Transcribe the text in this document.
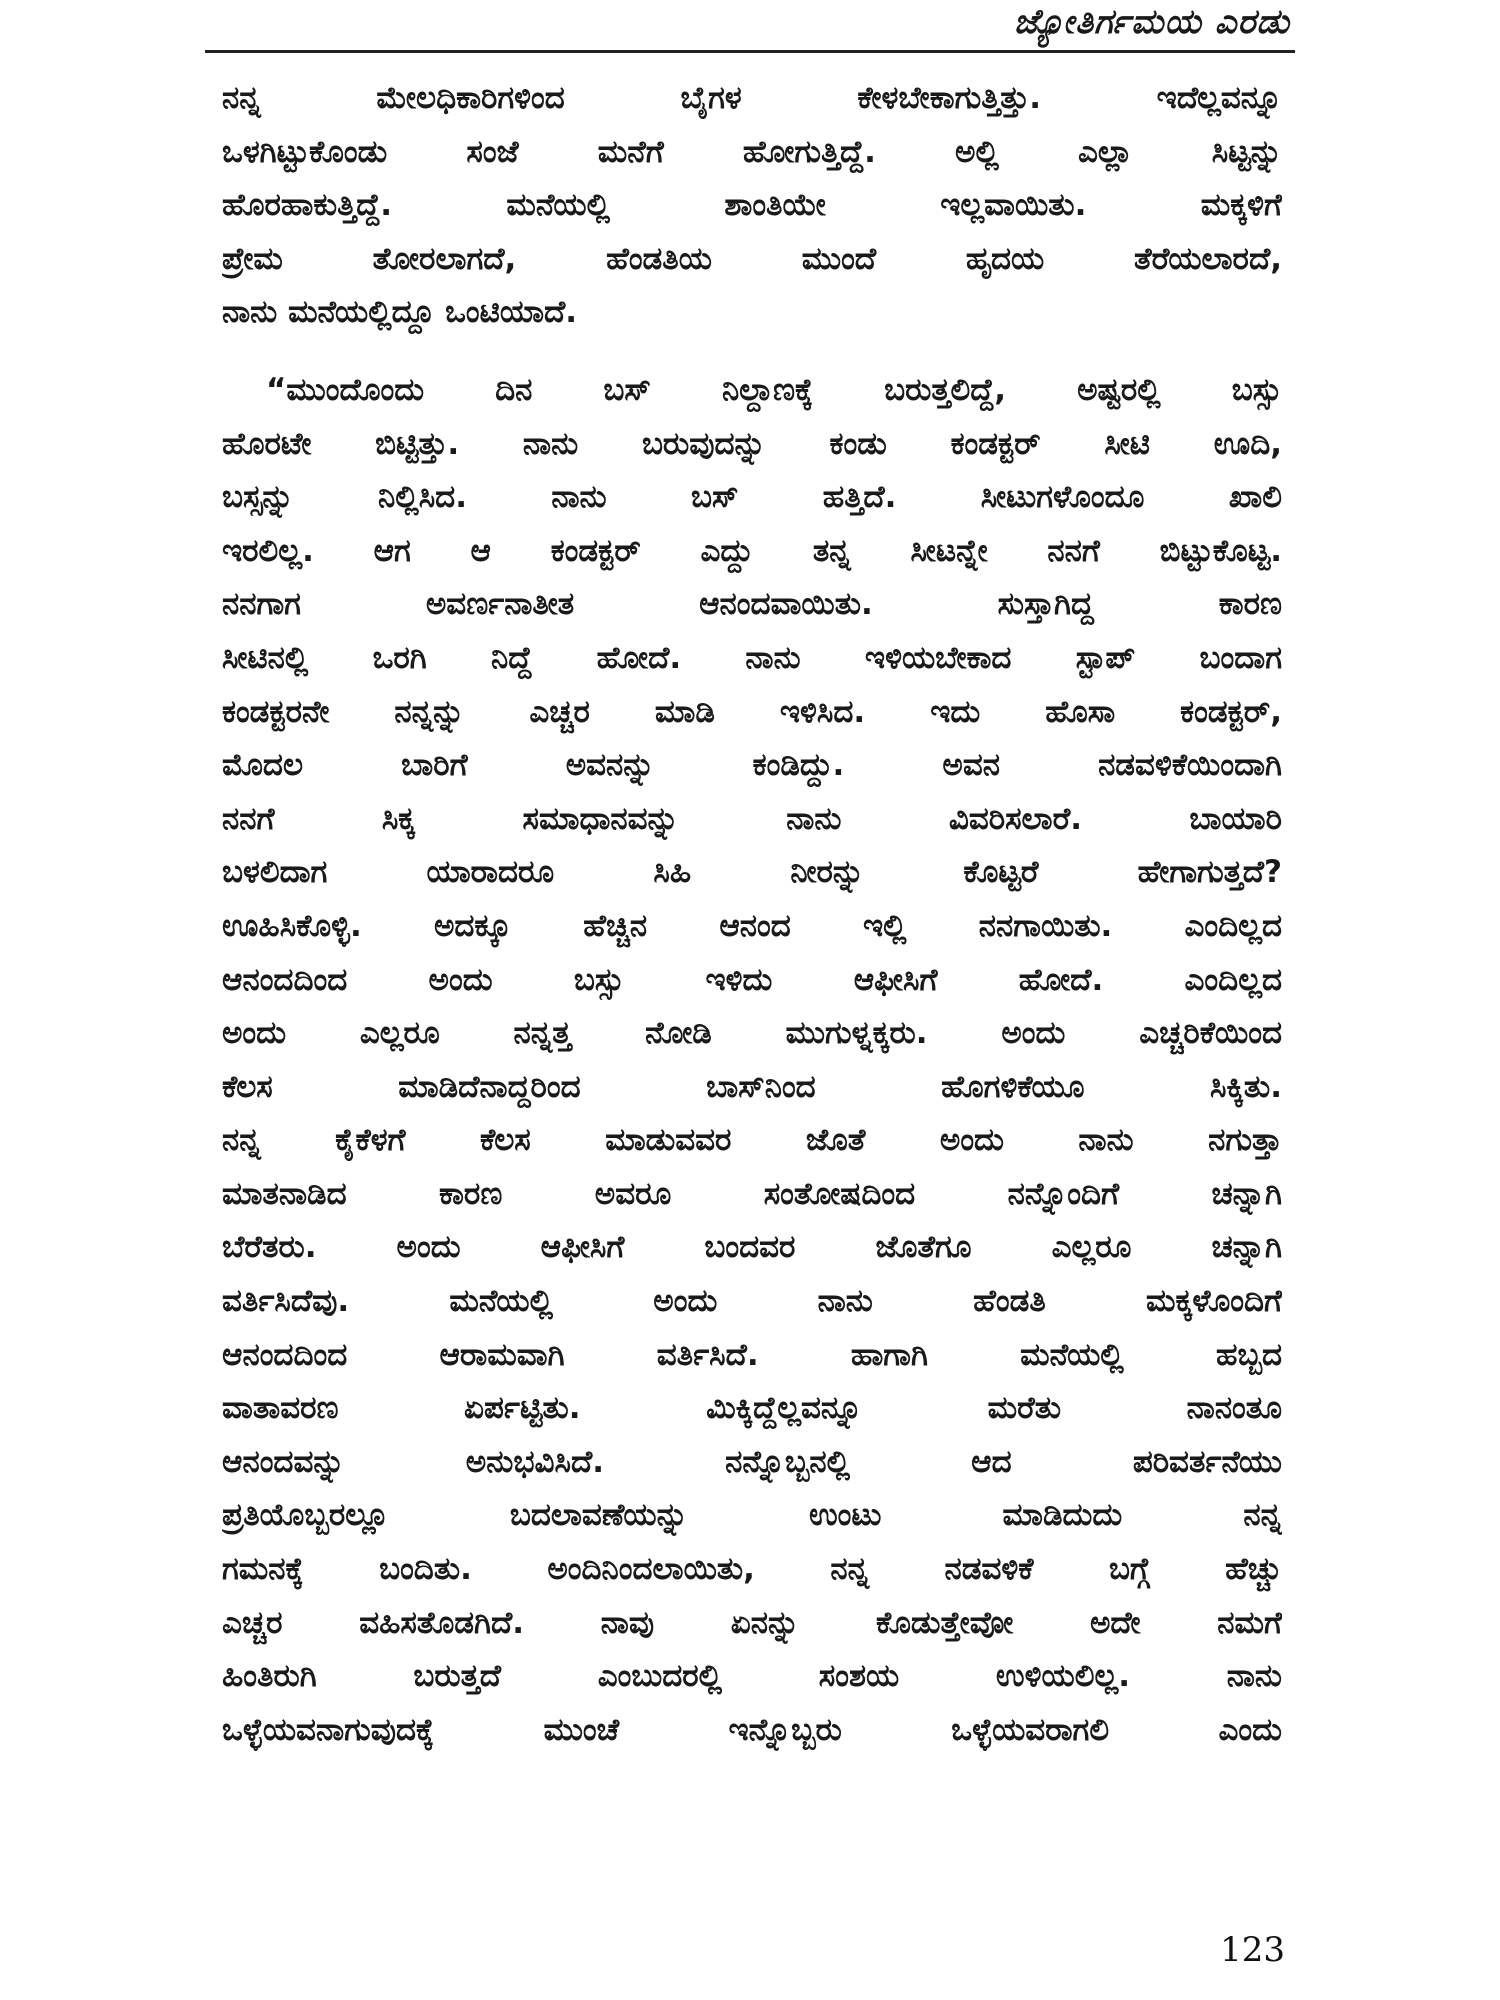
ಜ್ಯೋತಿರ್ಗಮಯ ಎರಡು
ನನ್ನ ಮೇಲಧಿಕಾರಿಗಳಿಂದ ಬೈಗಳ ಕೇಳಬೇಕಾಗುತ್ತಿತ್ತು. ಇದೆಲ್ಲವನ್ನೂ
ಒಳಗಿಟ್ಟುಕೊಂಡು ಸಂಜೆ ಮನೆಗೆ ಹೋಗುತ್ತಿದ್ದೆ. ಅಲ್ಲಿ ಎಲ್ಲಾ ಸಿಟ್ಟನ್ನು
ಹೊರಹಾಕುತ್ತಿದ್ದೆ. ಮನೆಯಲ್ಲಿ ಶಾಂತಿಯೇ ಇಲ್ಲವಾಯಿತು. ಮಕ್ಕಳಿಗೆ
ಪ್ರೇಮ ತೋರಲಾಗದೆ, ಹೆಂಡತಿಯ ಮುಂದೆ ಹೃದಯ ತೆರೆಯಲಾರದೆ,
ನಾನು ಮನೆಯಲ್ಲಿದ್ದೂ ಒಂಟಿಯಾದೆ.
“ಮುಂದೊಂದು ದಿನ ಬಸ್ ನಿಲ್ದಾಣಕ್ಕೆ ಬರುತ್ತಲಿದ್ದೆ, ಅಷ್ಟರಲ್ಲಿ ಬಸ್ಸು
ಹೊರಟೇ ಬಿಟ್ಟಿತ್ತು. ನಾನು ಬರುವುದನ್ನು ಕಂಡು ಕಂಡಕ್ಟರ್ ಸೀಟಿ ಊದಿ,
ಬಸ್ಸನ್ನು ನಿಲ್ಲಿಸಿದ. ನಾನು ಬಸ್ ಹತ್ತಿದೆ. ಸೀಟುಗಳೊಂದೂ ಖಾಲಿ
ಇರಲಿಲ್ಲ. ಆಗ ಆ ಕಂಡಕ್ಟರ್ ಎದ್ದು ತನ್ನ ಸೀಟನ್ನೇ ನನಗೆ ಬಿಟ್ಟುಕೊಟ್ಟ.
ನನಗಾಗ ಅವರ್ಣನಾತೀತ ಆನಂದವಾಯಿತು. ಸುಸ್ತಾಗಿದ್ದ ಕಾರಣ
ಸೀಟಿನಲ್ಲಿ ಒರಗಿ ನಿದ್ದೆ ಹೋದೆ. ನಾನು ಇಳಿಯಬೇಕಾದ ಸ್ಟಾಪ್ ಬಂದಾಗ
ಕಂಡಕ್ಟರನೇ ನನ್ನನ್ನು ಎಚ್ಚರ ಮಾಡಿ ಇಳಿಸಿದ. ಇದು ಹೊಸಾ ಕಂಡಕ್ಟರ್,
ಮೊದಲ ಬಾರಿಗೆ ಅವನನ್ನು ಕಂಡಿದ್ದು. ಅವನ ನಡವಳಿಕೆಯಿಂದಾಗಿ
ನನಗೆ ಸಿಕ್ಕ ಸಮಾಧಾನವನ್ನು ನಾನು ವಿವರಿಸಲಾರೆ. ಬಾಯಾರಿ
ಬಳಲಿದಾಗ ಯಾರಾದರೂ ಸಿಹಿ ನೀರನ್ನು ಕೊಟ್ಟರೆ ಹೇಗಾಗುತ್ತದೆ?
ಊಹಿಸಿಕೊಳ್ಳಿ. ಅದಕ್ಕೂ ಹೆಚ್ಚಿನ ಆನಂದ ಇಲ್ಲಿ ನನಗಾಯಿತು. ಎಂದಿಲ್ಲದ
ಆನಂದದಿಂದ ಅಂದು ಬಸ್ಸು ಇಳಿದು ಆಫೀಸಿಗೆ ಹೋದೆ. ಎಂದಿಲ್ಲದ
ಅಂದು ಎಲ್ಲರೂ ನನ್ನತ್ತ ನೋಡಿ ಮುಗುಳ್ನಕ್ಕರು. ಅಂದು ಎಚ್ಚರಿಕೆಯಿಂದ
ಕೆಲಸ ಮಾಡಿದೆನಾದ್ದರಿಂದ ಬಾಸ್‌ನಿಂದ ಹೊಗಳಿಕೆಯೂ ಸಿಕ್ಕಿತು.
ನನ್ನ ಕೈಕೆಳಗೆ ಕೆಲಸ ಮಾಡುವವರ ಜೊತೆ ಅಂದು ನಾನು ನಗುತ್ತಾ
ಮಾತನಾಡಿದ ಕಾರಣ ಅವರೂ ಸಂತೋಷದಿಂದ ನನ್ನೊಂದಿಗೆ ಚನ್ನಾಗಿ
ಬೆರೆತರು. ಅಂದು ಆಫೀಸಿಗೆ ಬಂದವರ ಜೊತೆಗೂ ಎಲ್ಲರೂ ಚನ್ನಾಗಿ
ವರ್ತಿಸಿದೆವು. ಮನೆಯಲ್ಲಿ ಅಂದು ನಾನು ಹೆಂಡತಿ ಮಕ್ಕಳೊಂದಿಗೆ
ಆನಂದದಿಂದ ಆರಾಮವಾಗಿ ವರ್ತಿಸಿದೆ. ಹಾಗಾಗಿ ಮನೆಯಲ್ಲಿ ಹಬ್ಬದ
ವಾತಾವರಣ ಏರ್ಪಟ್ಟಿತು. ಮಿಕ್ಕಿದ್ದೆಲ್ಲವನ್ನೂ ಮರೆತು ನಾನಂತೂ
ಆನಂದವನ್ನು ಅನುಭವಿಸಿದೆ. ನನ್ನೊಬ್ಬನಲ್ಲಿ ಆದ ಪರಿವರ್ತನೆಯು
ಪ್ರತಿಯೊಬ್ಬರಲ್ಲೂ ಬದಲಾವಣೆಯನ್ನು ಉಂಟು ಮಾಡಿದುದು ನನ್ನ
ಗಮನಕ್ಕೆ ಬಂದಿತು. ಅಂದಿನಿಂದಲಾಯಿತು, ನನ್ನ ನಡವಳಿಕೆ ಬಗ್ಗೆ ಹೆಚ್ಚು
ಎಚ್ಚರ ವಹಿಸತೊಡಗಿದೆ. ನಾವು ಏನನ್ನು ಕೊಡುತ್ತೇವೋ ಅದೇ ನಮಗೆ
ಹಿಂತಿರುಗಿ ಬರುತ್ತದೆ ಎಂಬುದರಲ್ಲಿ ಸಂಶಯ ಉಳಿಯಲಿಲ್ಲ. ನಾನು
ಒಳ್ಳೆಯವನಾಗುವುದಕ್ಕೆ ಮುಂಚೆ ಇನ್ನೊಬ್ಬರು ಒಳ್ಳೆಯವರಾಗಲಿ ಎಂದು
123
